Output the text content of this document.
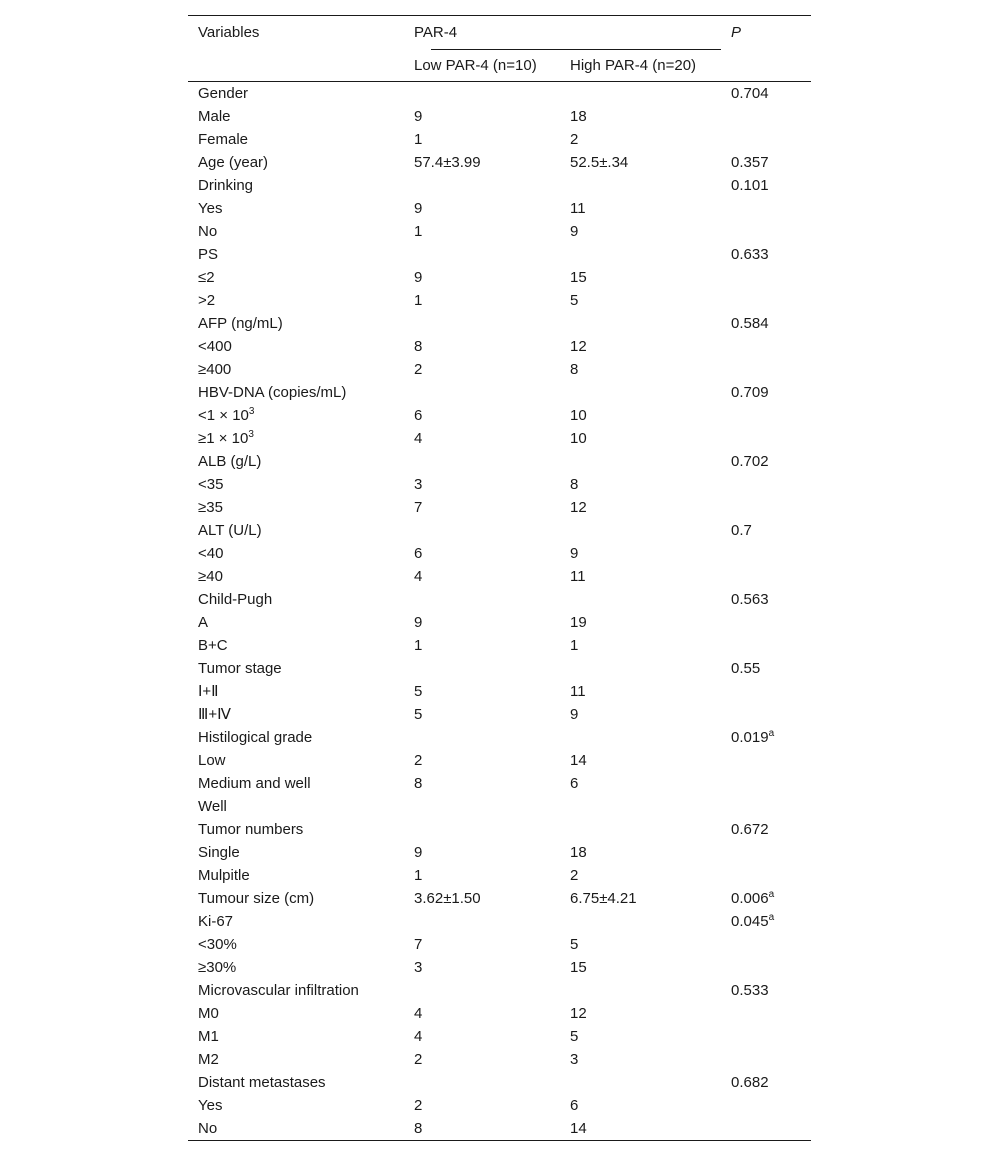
Variables	PAR-4		P
	Low PAR-4 (n=10)	High PAR-4 (n=20)	
Gender			0.704
Male	9	18	
Female	1	2	
Age (year)	57.4±3.99	52.5±.34	0.357
Drinking			0.101
Yes	9	11	
No	1	9	
PS			0.633
≤2	9	15	
>2	1	5	
AFP (ng/mL)			0.584
<400	8	12	
≥400	2	8	
HBV-DNA (copies/mL)			0.709
$<1 \times 10^3$	6	10	
$\ge 1 \times 10^3$	4	10	
ALB (g/L)			0.702
<35	3	8	
≥35	7	12	
ALT (U/L)			0.7
<40	6	9	
≥40	4	11	
Child-Pugh			0.563
A	9	19	
B+C	1	1	
Tumor stage			0.55
Ⅰ+Ⅱ	5	11	
Ⅲ+Ⅳ	5	9	
Histilogical grade			0.019$^a$
Low	2	14	
Medium and well	8	6	
Well			
Tumor numbers			0.672
Single	9	18	
Mulpitle	1	2	
Tumour size (cm)	3.62±1.50	6.75±4.21	0.006$^a$
Ki-67			0.045$^a$
<30%	7	5	
≥30%	3	15	
Microvascular infiltration			0.533
M0	4	12	
M1	4	5	
M2	2	3	
Distant metastases			0.682
Yes	2	6	
No	8	14	
